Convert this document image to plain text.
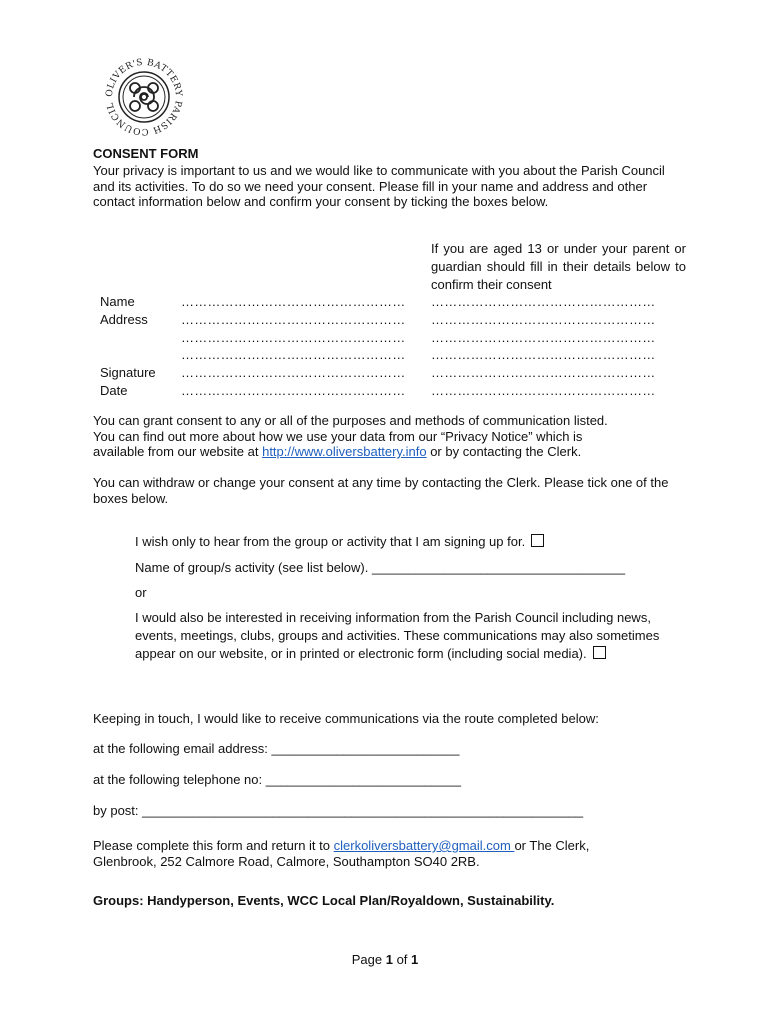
OLIVER'S BATTERY PARISH COUNCIL
CONSENT FORM
Your privacy is important to us and we would like to communicate with you about the Parish Council and its activities. To do so we need your consent. Please fill in your name and address and other contact information below and confirm your consent by ticking the boxes below.
If you are aged 13 or under your parent or guardian should fill in their details below to confirm their consent
Name
Address
Signature
Date
……………………………………………
……………………………………………
……………………………………………
……………………………………………
……………………………………………
……………………………………………
……………………………………………
……………………………………………
……………………………………………
……………………………………………
……………………………………………
……………………………………………
You can grant consent to any or all of the purposes and methods of communication listed.
You can find out more about how we use your data from our “Privacy Notice” which is
available from our website at http://www.oliversbattery.info or by contacting the Clerk.
You can withdraw or change your consent at any time by contacting the Clerk. Please tick one of the boxes below.
I wish only to hear from the group or activity that I am signing up for.
Name of group/s activity (see list below). ___________________________________
or
I would also be interested in receiving information from the Parish Council including news, events, meetings, clubs, groups and activities. These communications may also sometimes appear on our website, or in printed or electronic form (including social media).
Keeping in touch, I would like to receive communications via the route completed below:
at the following email address: __________________________
at the following telephone no: ___________________________
by post: _____________________________________________________________
Please complete this form and return it to clerkoliversbattery@gmail.com or The Clerk,
Glenbrook, 252 Calmore Road, Calmore, Southampton SO40 2RB.
Groups: Handyperson, Events, WCC Local Plan/Royaldown, Sustainability.
Page 1 of 1
